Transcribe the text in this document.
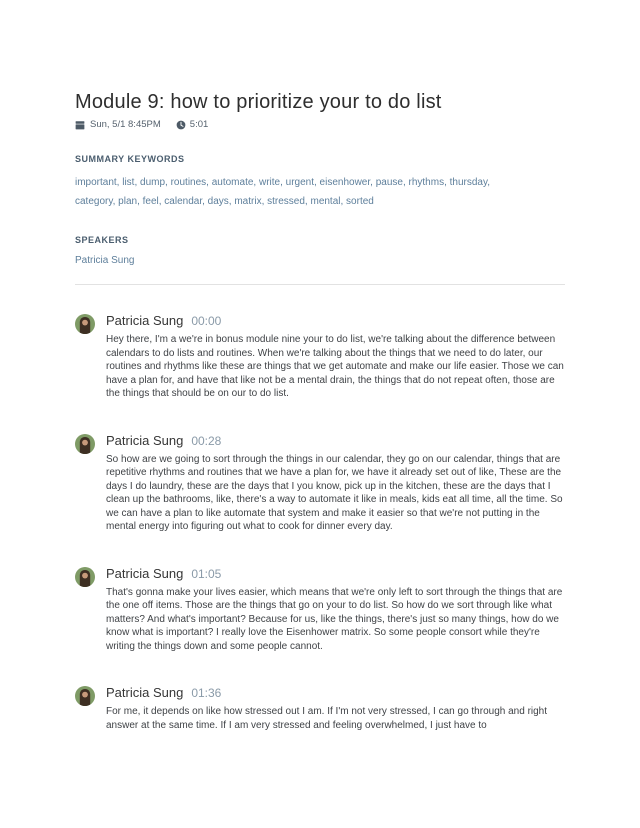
Module 9: how to prioritize your to do list
Sun, 5/1 8:45PM	5:01
SUMMARY KEYWORDS
important, list, dump, routines, automate, write, urgent, eisenhower, pause, rhythms, thursday, category, plan, feel, calendar, days, matrix, stressed, mental, sorted
SPEAKERS
Patricia Sung
Patricia Sung 00:00
Hey there, I'm a we're in bonus module nine your to do list, we're talking about the difference between calendars to do lists and routines. When we're talking about the things that we need to do later, our routines and rhythms like these are things that we get automate and make our life easier. Those we can have a plan for, and have that like not be a mental drain, the things that do not repeat often, those are the things that should be on our to do list.
Patricia Sung 00:28
So how are we going to sort through the things in our calendar, they go on our calendar, things that are repetitive rhythms and routines that we have a plan for, we have it already set out of like, These are the days I do laundry, these are the days that I you know, pick up in the kitchen, these are the days that I clean up the bathrooms, like, there's a way to automate it like in meals, kids eat all time, all the time. So we can have a plan to like automate that system and make it easier so that we're not putting in the mental energy into figuring out what to cook for dinner every day.
Patricia Sung 01:05
That's gonna make your lives easier, which means that we're only left to sort through the things that are the one off items. Those are the things that go on your to do list. So how do we sort through like what matters? And what's important? Because for us, like the things, there's just so many things, how do we know what is important? I really love the Eisenhower matrix. So some people consort while they're writing the things down and some people cannot.
Patricia Sung 01:36
For me, it depends on like how stressed out I am. If I'm not very stressed, I can go through and right answer at the same time. If I am very stressed and feeling overwhelmed, I just have to
